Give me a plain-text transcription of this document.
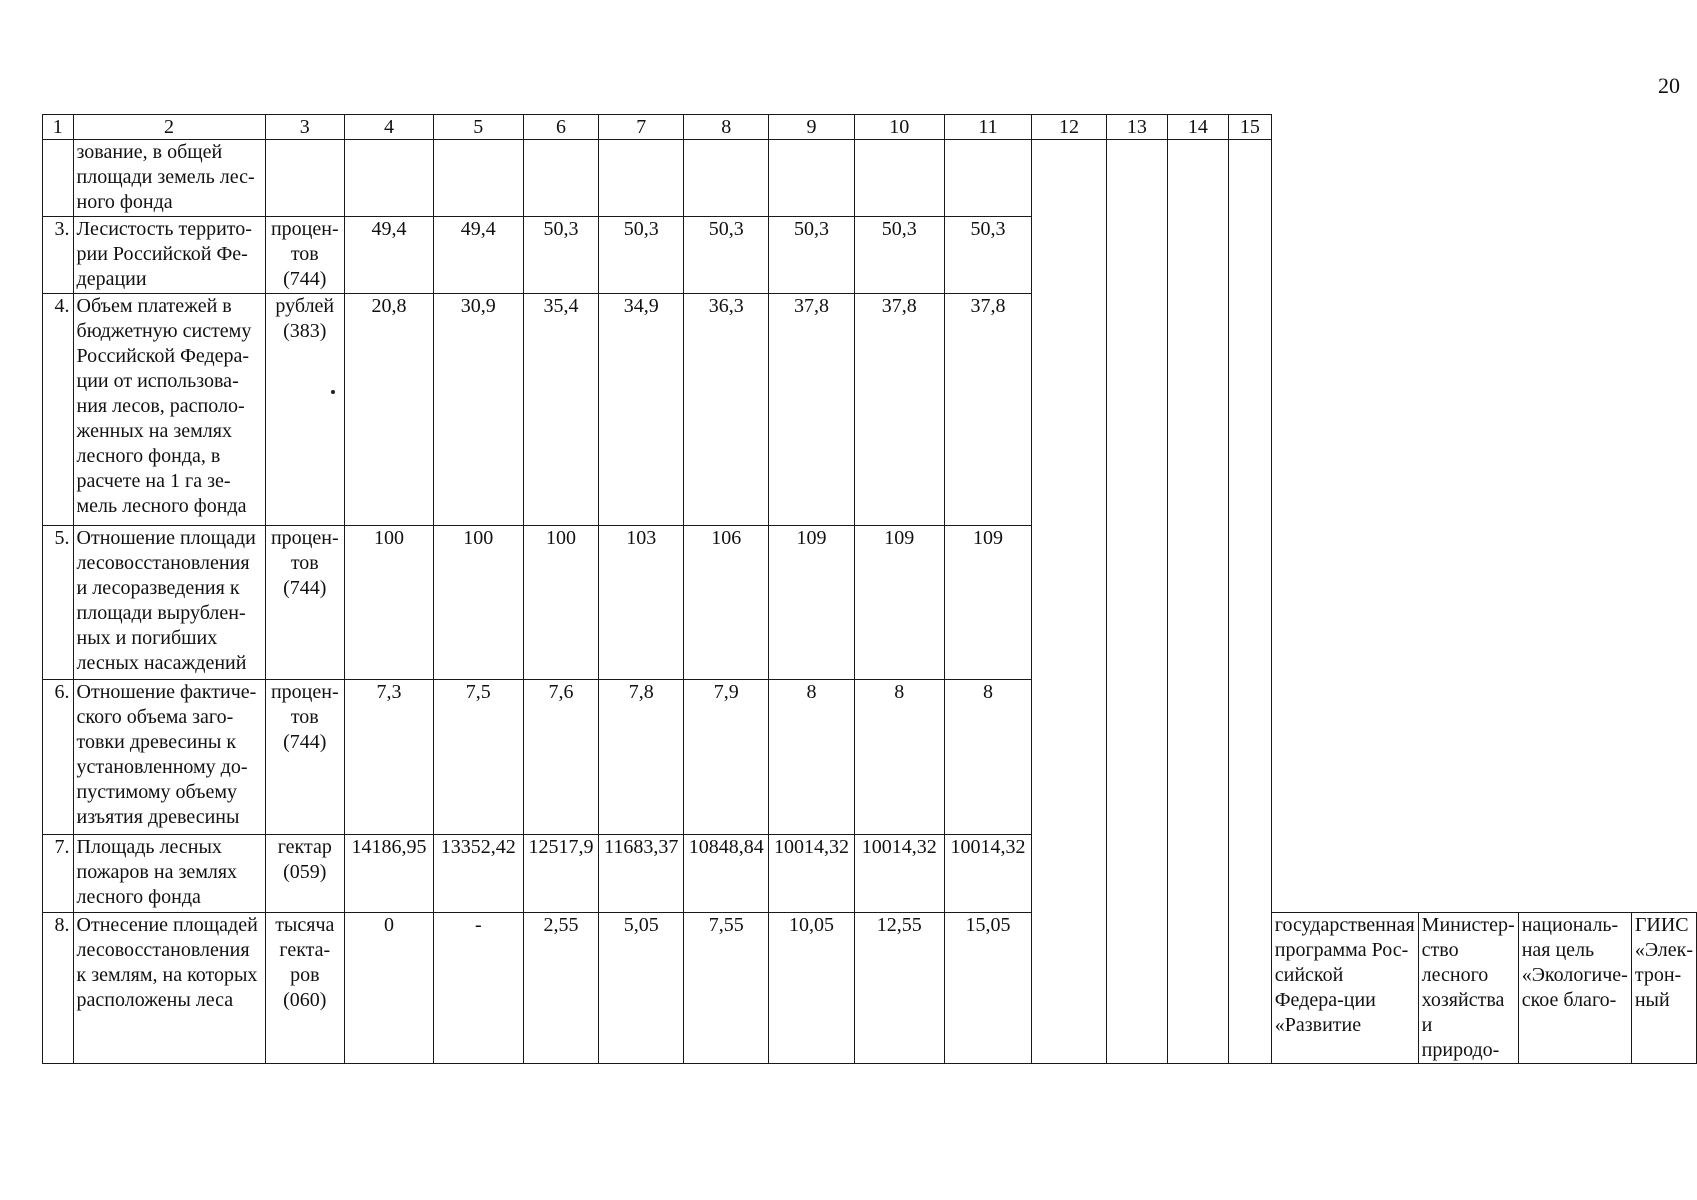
20
1	2	3	4	5	6	7	8	9	10	11	12	13	14	15				
	зование, в общей площади земель лес-ного фонда																	
3.	Лесистость террито-рии Российской Фе-дерации	процен-тов (744)	49,4	49,4	50,3	50,3	50,3	50,3	50,3	50,3								
4.	Объем платежей в бюджетную систему Российской Федера-ции от использова-ния лесов, располо-женных на землях лесного фонда, в расчете на 1 га зе-мель лесного фонда	рублей (383)	20,8	30,9	35,4	34,9	36,3	37,8	37,8	37,8								
5.	Отношение площади лесовосстановления и лесоразведения к площади вырублен-ных и погибших лесных насаждений	процен-тов (744)	100	100	100	103	106	109	109	109								
6.	Отношение фактиче-ского объема заго-товки древесины к установленному до-пустимому объему изъятия древесины	процен-тов (744)	7,3	7,5	7,6	7,8	7,9	8	8	8								
7.	Площадь лесных пожаров на землях лесного фонда	гектар (059)	14186,95	13352,42	12517,9	11683,37	10848,84	10014,32	10014,32	10014,32								
8.	Отнесение площадей лесовосстановления к землям, на которых расположены леса	тысяча гекта-ров (060)	0	-	2,55	5,05	7,55	10,05	12,55	15,05					государственная программа Рос-сийской Федера-ции «Развитие	Министер-ство лесного хозяйства и природо-	националь-ная цель «Экологиче-ское благо-	ГИИС «Элек-трон-ный
